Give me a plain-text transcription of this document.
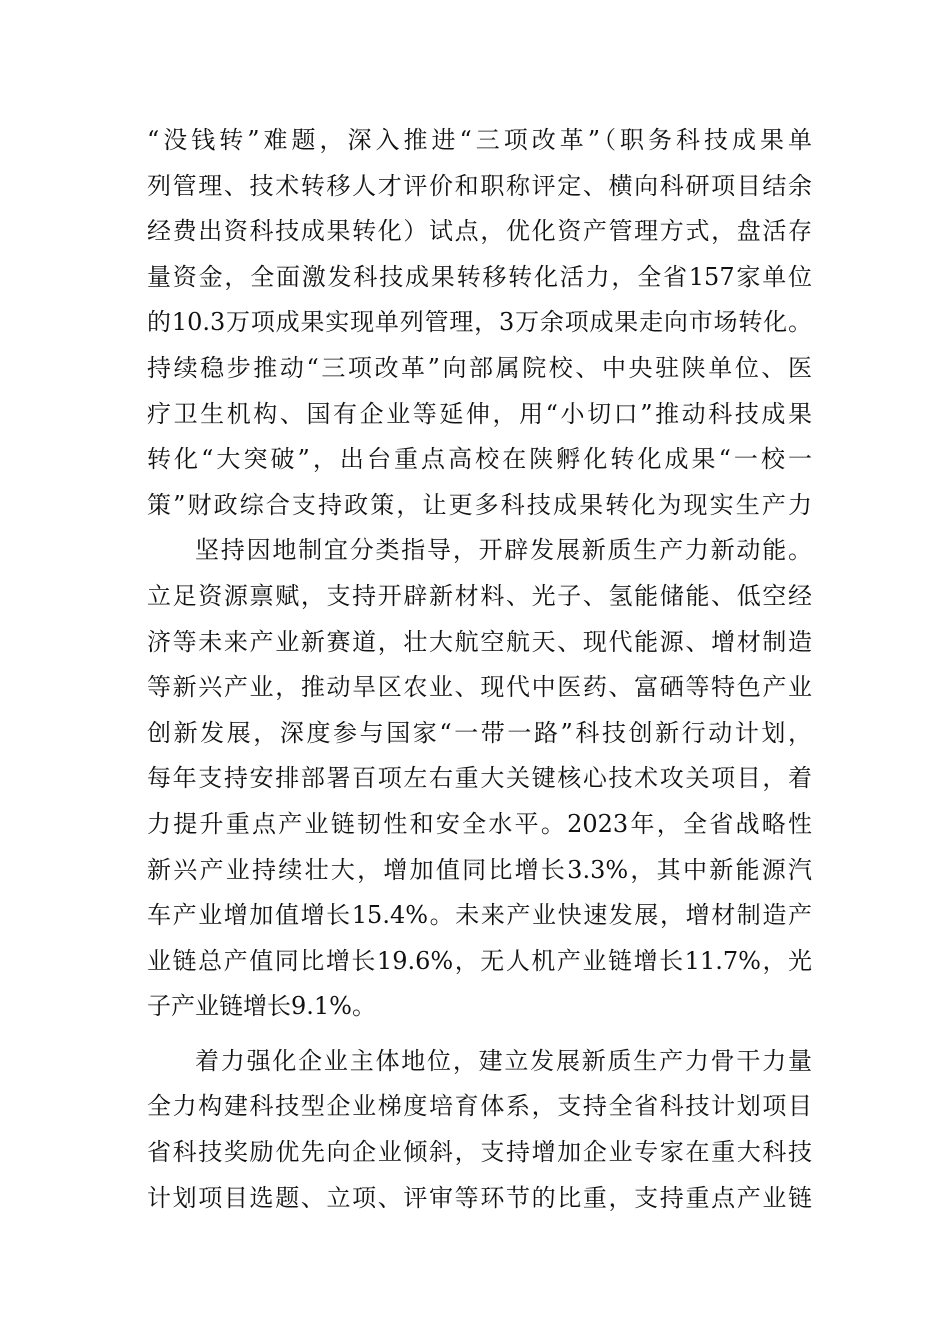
“没钱转”难题，深入推进“三项改革”（职务科技成果单
列管理、技术转移人才评价和职称评定、横向科研项目结余
经费出资科技成果转化）试点，优化资产管理方式，盘活存
量资金，全面激发科技成果转移转化活力，全省157家单位
的10.3万项成果实现单列管理，3万余项成果走向市场转化。
持续稳步推动“三项改革”向部属院校、中央驻陕单位、医
疗卫生机构、国有企业等延伸，用“小切口”推动科技成果
转化“大突破”，出台重点高校在陕孵化转化成果“一校一
策”财政综合支持政策，让更多科技成果转化为现实生产力
坚持因地制宜分类指导，开辟发展新质生产力新动能。
立足资源禀赋，支持开辟新材料、光子、氢能储能、低空经
济等未来产业新赛道，壮大航空航天、现代能源、增材制造
等新兴产业，推动旱区农业、现代中医药、富硒等特色产业
创新发展，深度参与国家“一带一路”科技创新行动计划，
每年支持安排部署百项左右重大关键核心技术攻关项目，着
力提升重点产业链韧性和安全水平。2023年，全省战略性
新兴产业持续壮大，增加值同比增长3.3%，其中新能源汽
车产业增加值增长15.4%。未来产业快速发展，增材制造产
业链总产值同比增长19.6%，无人机产业链增长11.7%，光
子产业链增长9.1%。
着力强化企业主体地位，建立发展新质生产力骨干力量
全力构建科技型企业梯度培育体系，支持全省科技计划项目
省科技奖励优先向企业倾斜，支持增加企业专家在重大科技
计划项目选题、立项、评审等环节的比重，支持重点产业链
